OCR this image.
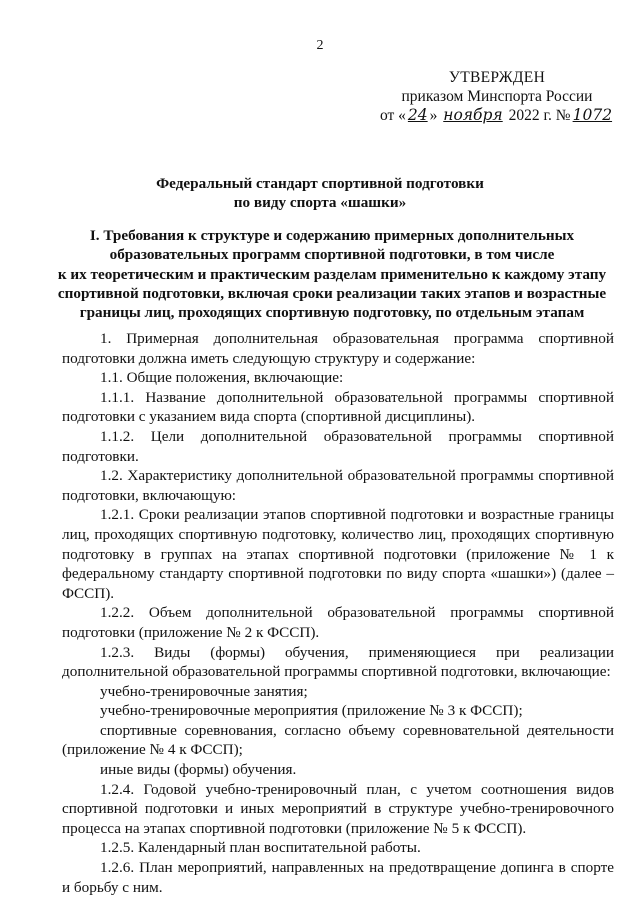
2
УТВЕРЖДЕН
приказом Минспорта России
от « 24 » ноября 2022 г. № 1072
Федеральный стандарт спортивной подготовки
по виду спорта «шашки»
I. Требования к структуре и содержанию примерных дополнительных
образовательных программ спортивной подготовки, в том числе
к их теоретическим и практическим разделам применительно к каждому этапу
спортивной подготовки, включая сроки реализации таких этапов и возрастные
границы лиц, проходящих спортивную подготовку, по отдельным этапам

1. Примерная дополнительная образовательная программа спортивной подготовки должна иметь следующую структуру и содержание:

1.1. Общие положения, включающие:

1.1.1. Название дополнительной образовательной программы спортивной подготовки с указанием вида спорта (спортивной дисциплины).

1.1.2. Цели дополнительной образовательной программы спортивной подготовки.

1.2. Характеристику дополнительной образовательной программы спортивной подготовки, включающую:

1.2.1. Сроки реализации этапов спортивной подготовки и возрастные границы лиц, проходящих спортивную подготовку, количество лиц, проходящих спортивную подготовку в группах на этапах спортивной подготовки (приложение № 1 к федеральному стандарту спортивной подготовки по виду спорта «шашки») (далее – ФССП).

1.2.2. Объем дополнительной образовательной программы спортивной подготовки (приложение № 2 к ФССП).

1.2.3. Виды (формы) обучения, применяющиеся при реализации дополнительной образовательной программы спортивной подготовки, включающие:

учебно-тренировочные занятия;

учебно-тренировочные мероприятия (приложение № 3 к ФССП);

спортивные соревнования, согласно объему соревновательной деятельности (приложение № 4 к ФССП);

иные виды (формы) обучения.

1.2.4. Годовой учебно-тренировочный план, с учетом соотношения видов спортивной подготовки и иных мероприятий в структуре учебно-тренировочного процесса на этапах спортивной подготовки (приложение № 5 к ФССП).

1.2.5. Календарный план воспитательной работы.

1.2.6. План мероприятий, направленных на предотвращение допинга в спорте и борьбу с ним.
